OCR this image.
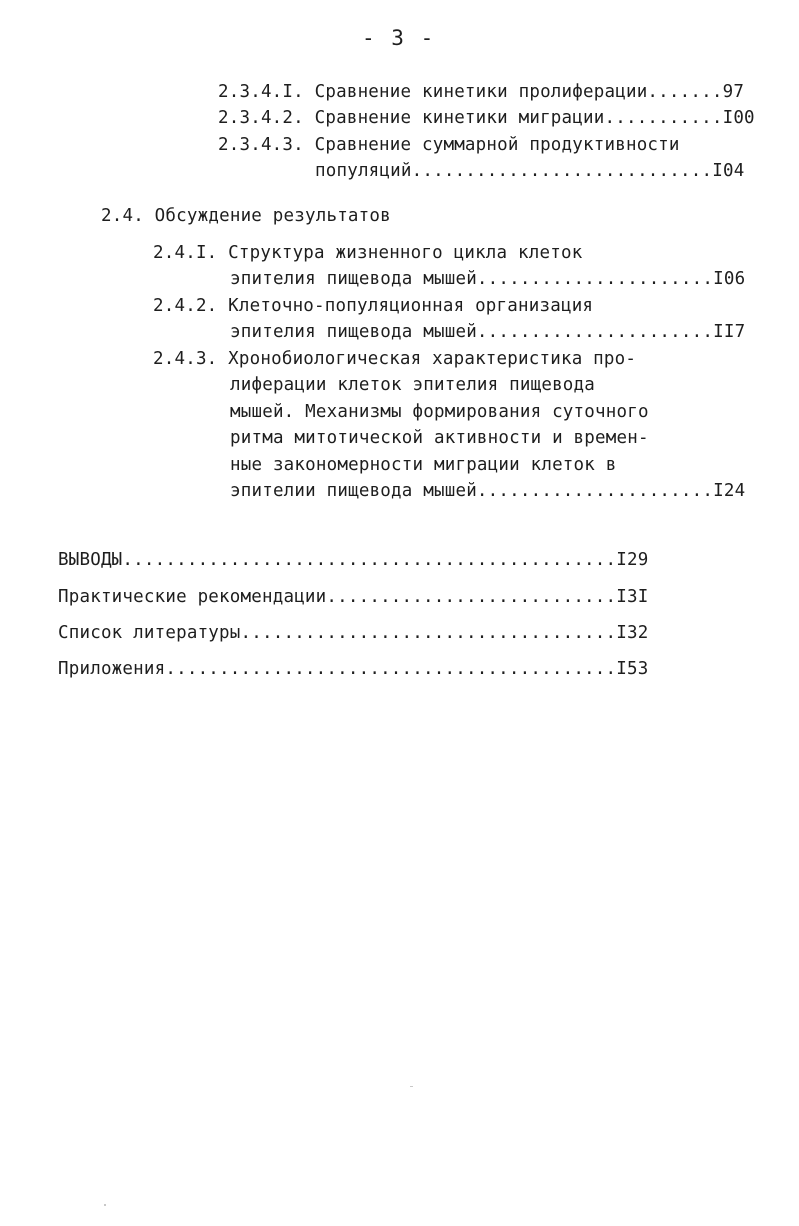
- 3 -
2.3.4.I. Сравнение кинетики пролиферации.......97
2.3.4.2. Сравнение кинетики миграции...........I00
2.3.4.3. Сравнение суммарной продуктивности
популяций............................I04
2.4. Обсуждение результатов
2.4.I. Структура жизненного цикла клеток
эпителия пищевода мышей......................I06
2.4.2. Клеточно-популяционная организация
эпителия пищевода мышей......................II7
2.4.3. Хронобиологическая характеристика про-
лиферации клеток эпителия пищевода
мышей. Механизмы формирования суточного
ритма митотической активности и времен-
ные закономерности миграции клеток в
эпителии пищевода мышей......................I24
ВЫВОДЫ..............................................I29
Практические рекомендации...........................I3I
Список литературы...................................I32
Приложения..........................................I53
